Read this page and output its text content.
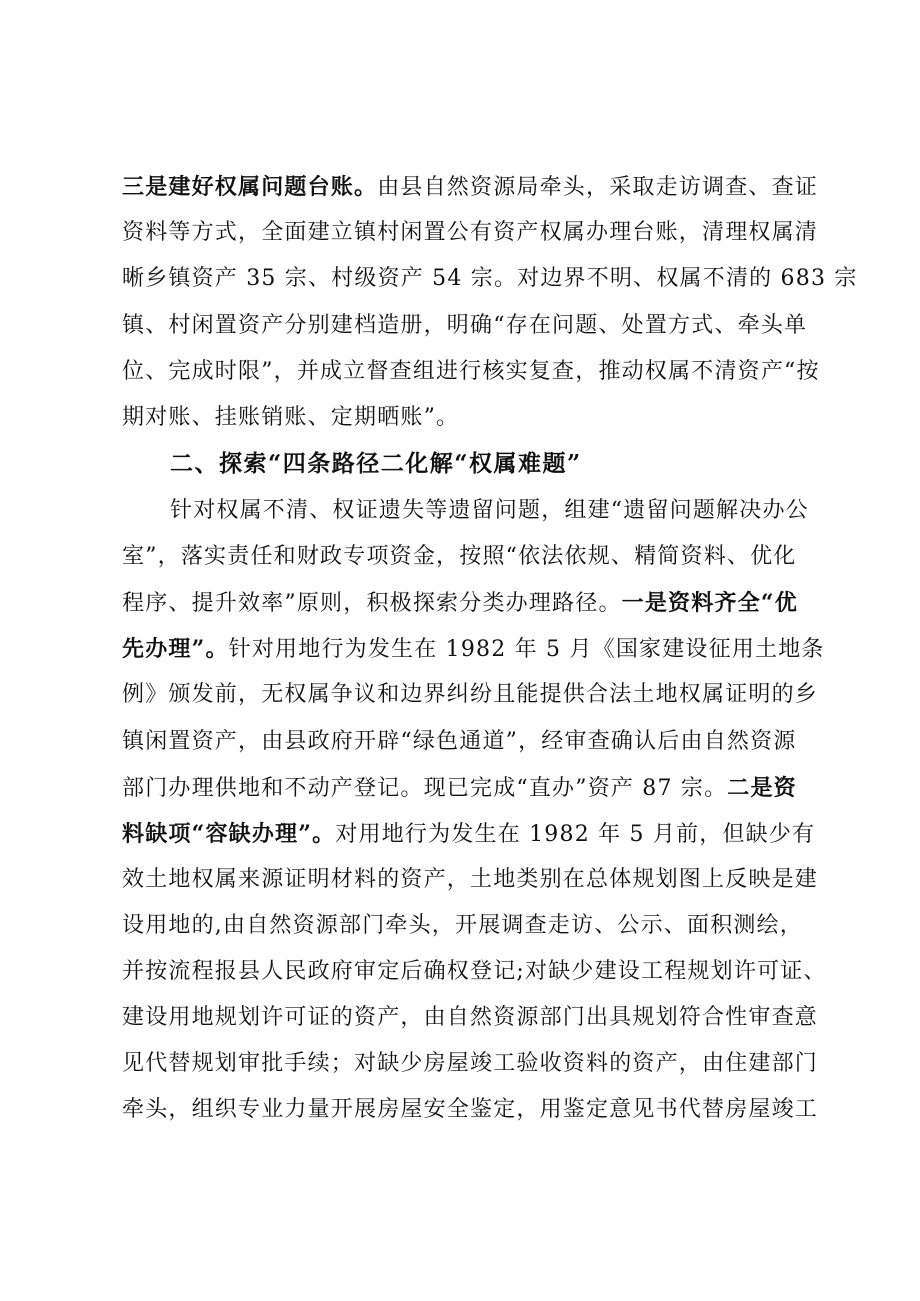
三是建好权属问题台账。由县自然资源局牵头，采取走访调查、查证
资料等方式，全面建立镇村闲置公有资产权属办理台账，清理权属清
晰乡镇资产 35 宗、村级资产 54 宗。对边界不明、权属不清的 683 宗
镇、村闲置资产分别建档造册，明确“存在问题、处置方式、牵头单
位、完成时限”，并成立督查组进行核实复查，推动权属不清资产“按
期对账、挂账销账、定期晒账”。
二、探索“四条路径二化解“权属难题”
针对权属不清、权证遗失等遗留问题，组建“遗留问题解决办公
室”，落实责任和财政专项资金，按照“依法依规、精简资料、优化
程序、提升效率”原则，积极探索分类办理路径。一是资料齐全“优
先办理”。针对用地行为发生在 1982 年 5 月《国家建设征用土地条
例》颁发前，无权属争议和边界纠纷且能提供合法土地权属证明的乡
镇闲置资产，由县政府开辟“绿色通道”，经审查确认后由自然资源
部门办理供地和不动产登记。现已完成“直办”资产 87 宗。二是资
料缺项“容缺办理”。对用地行为发生在 1982 年 5 月前，但缺少有
效土地权属来源证明材料的资产，土地类别在总体规划图上反映是建
设用地的,由自然资源部门牵头，开展调查走访、公示、面积测绘，
并按流程报县人民政府审定后确权登记;对缺少建设工程规划许可证、
建设用地规划许可证的资产，由自然资源部门出具规划符合性审查意
见代替规划审批手续；对缺少房屋竣工验收资料的资产，由住建部门
牵头，组织专业力量开展房屋安全鉴定，用鉴定意见书代替房屋竣工
